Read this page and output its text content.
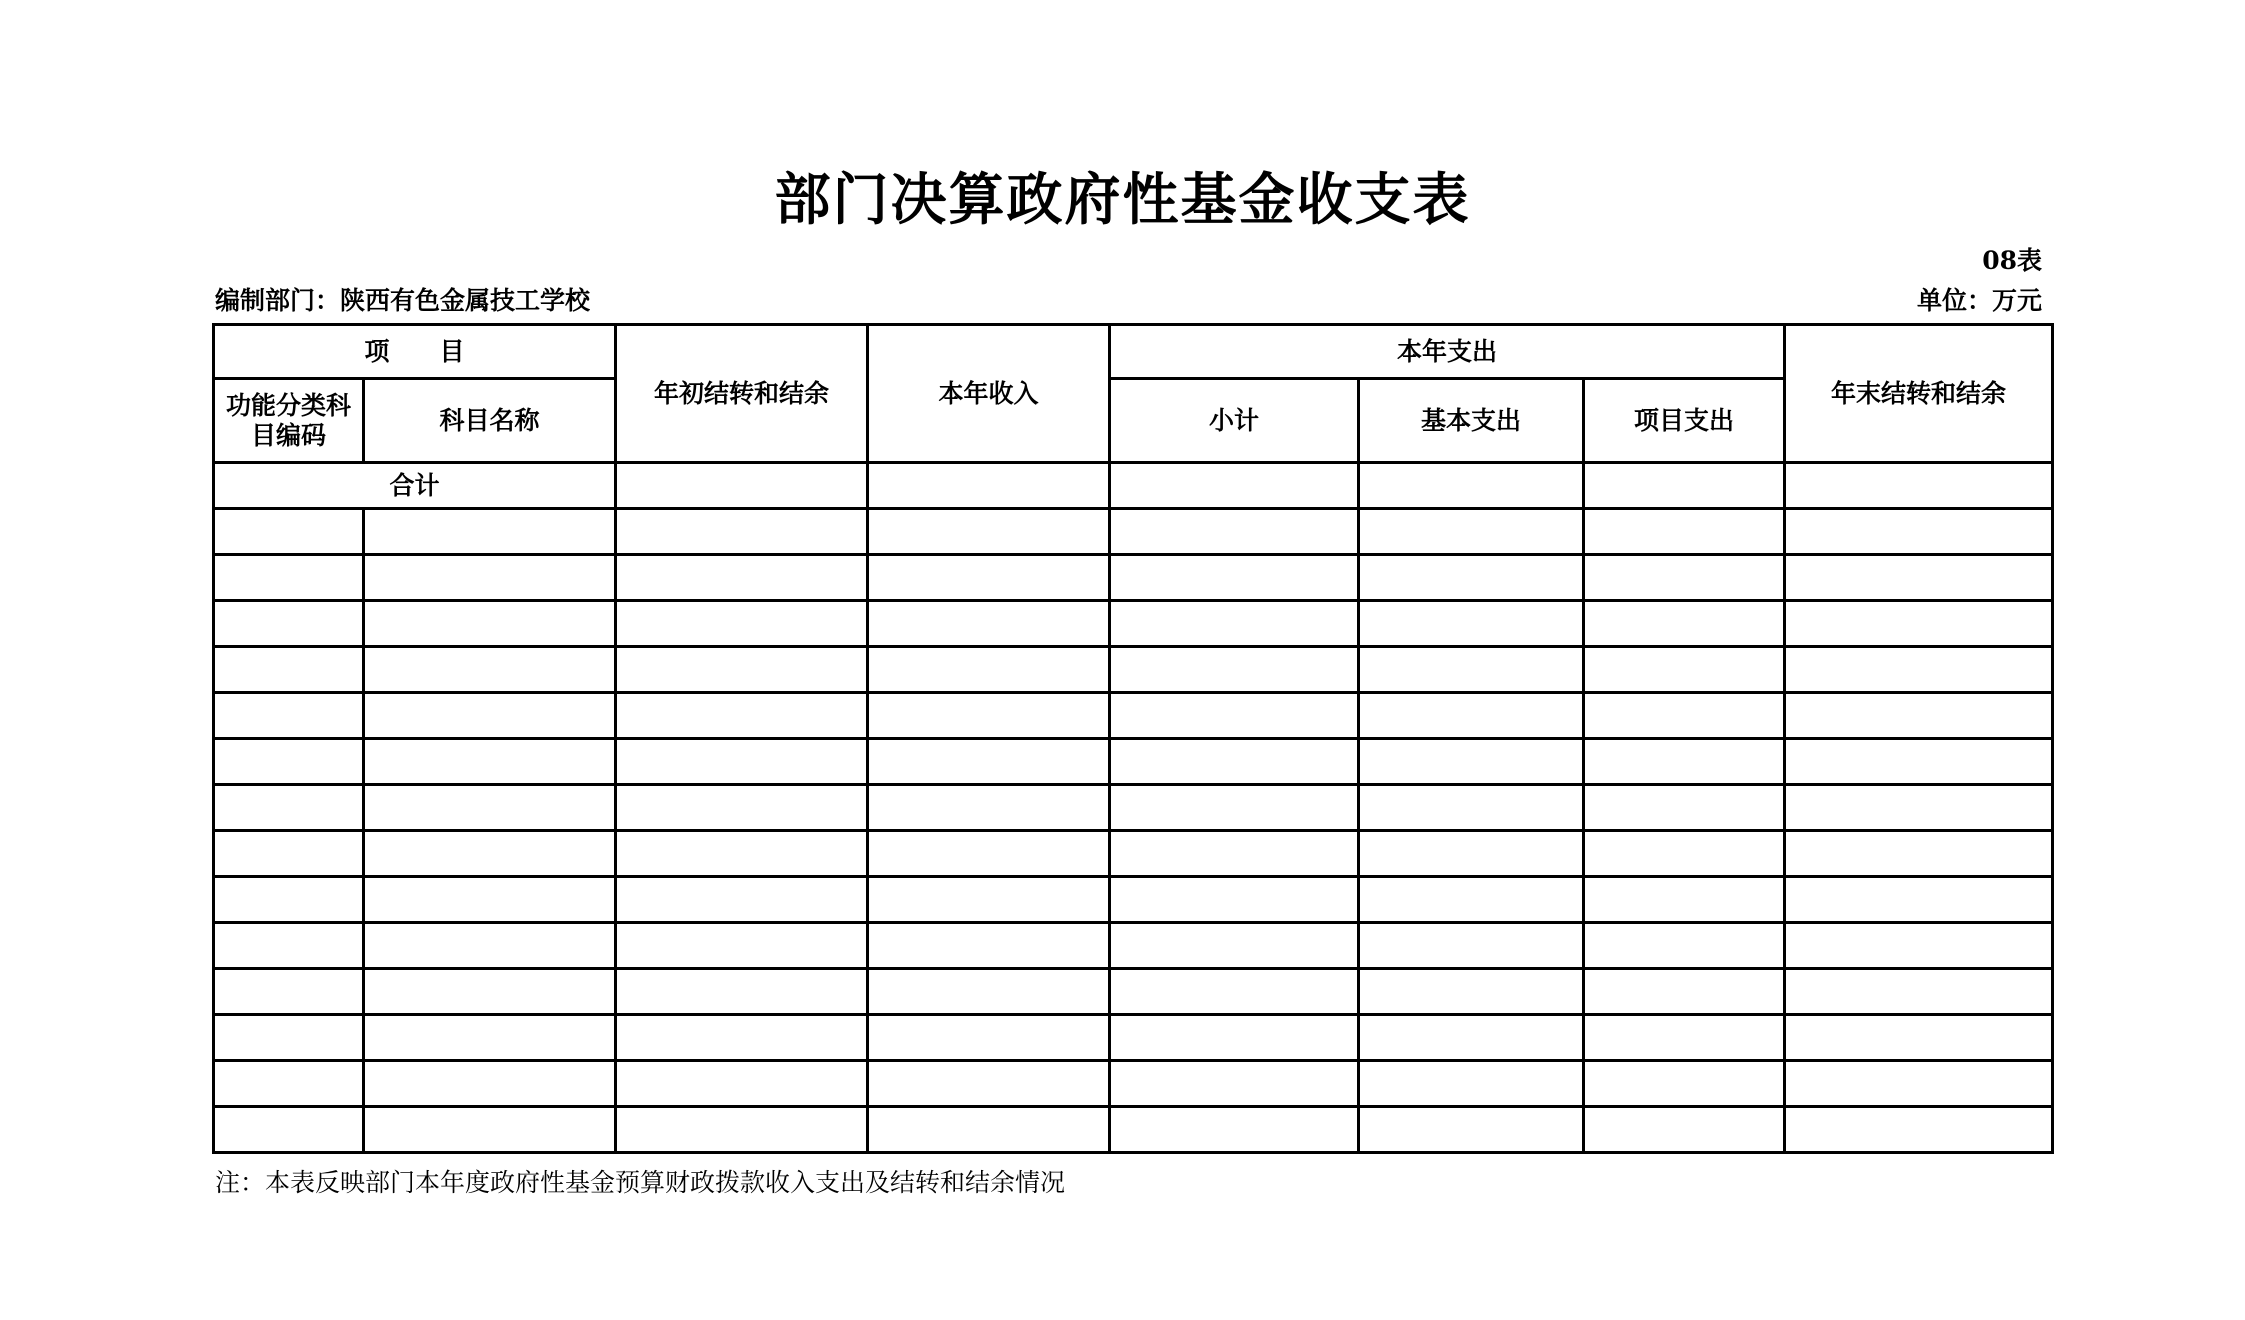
部门决算政府性基金收支表
08表
编制部门：陕西有色金属技工学校	单位：万元
项　　目		年初结转和结余	本年收入	本年支出			年末结转和结余
功能分类科目编码	科目名称			小计	基本支出	项目支出	
合计							

注：本表反映部门本年度政府性基金预算财政拨款收入支出及结转和结余情况
